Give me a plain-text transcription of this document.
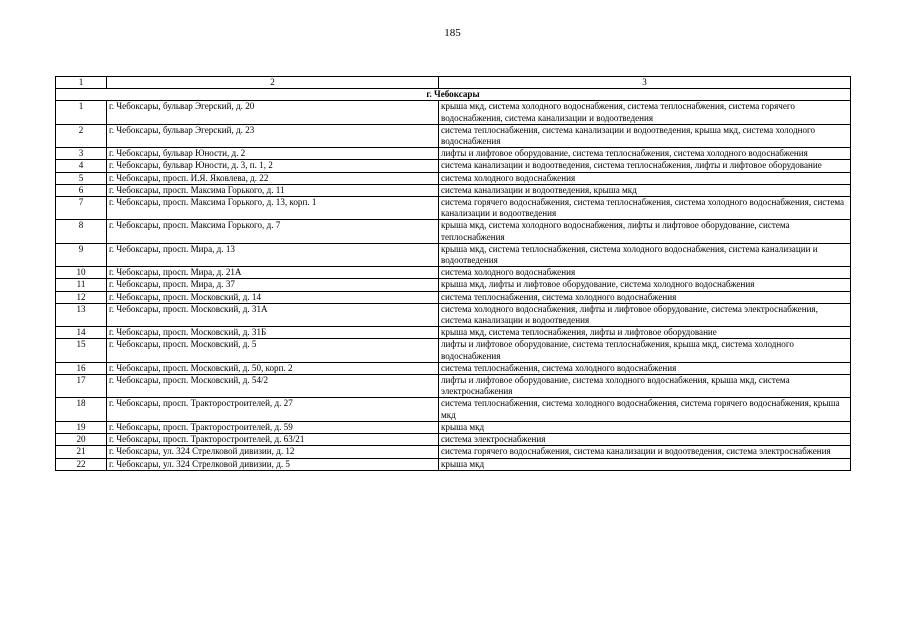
185
1	2	3
г. Чебоксары		
1	г. Чебоксары, бульвар Эгерский, д. 20	крыша мкд, система холодного водоснабжения, система теплоснабжения, система горячего водоснабжения, система канализации и водоотведения
2	г. Чебоксары, бульвар Эгерский, д. 23	система теплоснабжения, система канализации и водоотведения, крыша мкд, система холодного водоснабжения
3	г. Чебоксары, бульвар Юности, д. 2	лифты и лифтовое оборудование, система теплоснабжения, система холодного водоснабжения
4	г. Чебоксары, бульвар Юности, д. 3, п. 1, 2	система канализации и водоотведения, система теплоснабжения, лифты и лифтовое оборудование
5	г. Чебоксары, просп. И.Я. Яковлева, д. 22	система холодного водоснабжения
6	г. Чебоксары, просп. Максима Горького, д. 11	система канализации и водоотведения, крыша мкд
7	г. Чебоксары, просп. Максима Горького, д. 13, корп. 1	система горячего водоснабжения, система теплоснабжения, система холодного водоснабжения, система канализации и водоотведения
8	г. Чебоксары, просп. Максима Горького, д. 7	крыша мкд, система холодного водоснабжения, лифты и лифтовое оборудование, система теплоснабжения
9	г. Чебоксары, просп. Мира, д. 13	крыша мкд, система теплоснабжения, система холодного водоснабжения, система канализации и водоотведения
10	г. Чебоксары, просп. Мира, д. 21А	система холодного водоснабжения
11	г. Чебоксары, просп. Мира, д. 37	крыша мкд, лифты и лифтовое оборудование, система холодного водоснабжения
12	г. Чебоксары, просп. Московский, д. 14	система теплоснабжения, система холодного водоснабжения
13	г. Чебоксары, просп. Московский, д. 31А	система холодного водоснабжения, лифты и лифтовое оборудование, система электроснабжения, система канализации и водоотведения
14	г. Чебоксары, просп. Московский, д. 31Б	крыша мкд, система теплоснабжения, лифты и лифтовое оборудование
15	г. Чебоксары, просп. Московский, д. 5	лифты и лифтовое оборудование, система теплоснабжения, крыша мкд, система холодного водоснабжения
16	г. Чебоксары, просп. Московский, д. 50, корп. 2	система теплоснабжения, система холодного водоснабжения
17	г. Чебоксары, просп. Московский, д. 54/2	лифты и лифтовое оборудование, система холодного водоснабжения, крыша мкд, система электроснабжения
18	г. Чебоксары, просп. Тракторостроителей, д. 27	система теплоснабжения, система холодного водоснабжения, система горячего водоснабжения, крыша мкд
19	г. Чебоксары, просп. Тракторостроителей, д. 59	крыша мкд
20	г. Чебоксары, просп. Тракторостроителей, д. 63/21	система электроснабжения
21	г. Чебоксары, ул. 324 Стрелковой дивизии, д. 12	система горячего водоснабжения, система канализации и водоотведения, система электроснабжения
22	г. Чебоксары, ул. 324 Стрелковой дивизии, д. 5	крыша мкд
